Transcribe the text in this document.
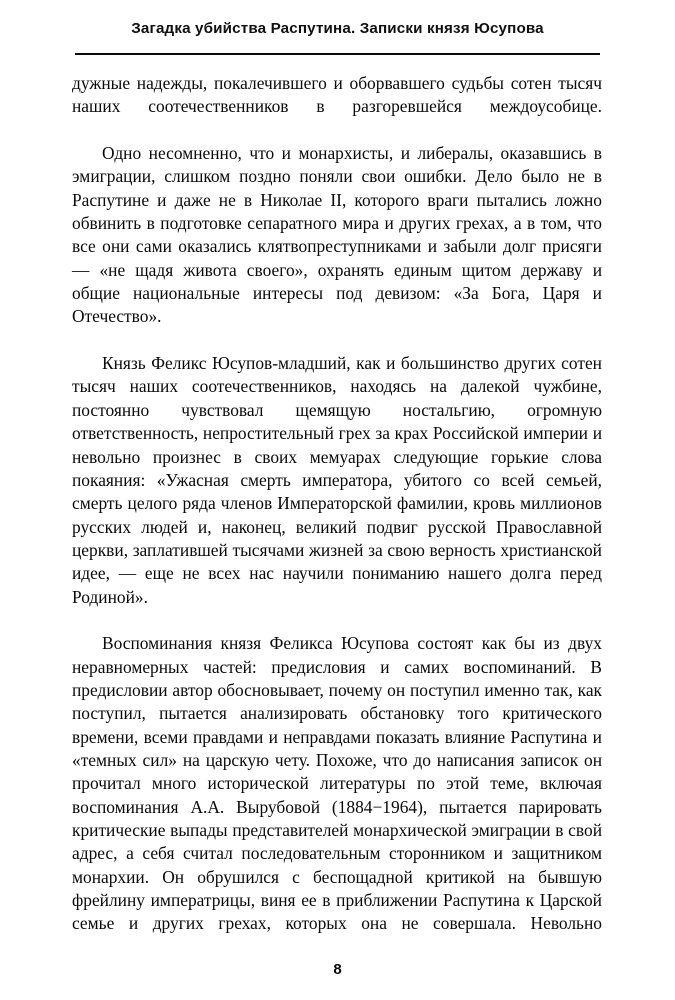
Загадка убийства Распутина. Записки князя Юсупова

дужные надежды, покалечившего и оборвавшего судьбы сотен тысяч наших соотечественников в разгоревшейся междоусобице.

Одно несомненно, что и монархисты, и либералы, оказавшись в эмиграции, слишком поздно поняли свои ошибки. Дело было не в Распутине и даже не в Николае II, которого враги пытались ложно обвинить в подготовке сепаратного мира и других грехах, а в том, что все они сами оказались клятвопреступниками и забыли долг присяги — «не щадя живота своего», охранять единым щитом державу и общие национальные интересы под девизом: «За Бога, Царя и Отечество».

Князь Феликс Юсупов-младший, как и большинство других сотен тысяч наших соотечественников, находясь на далекой чужбине, постоянно чувствовал щемящую ностальгию, огромную ответственность, непростительный грех за крах Российской империи и невольно произнес в своих мемуарах следующие горькие слова покаяния: «Ужасная смерть императора, убитого со всей семьей, смерть целого ряда членов Императорской фамилии, кровь миллионов русских людей и, наконец, великий подвиг русской Православной церкви, заплатившей тысячами жизней за свою верность христианской идее, — еще не всех нас научили пониманию нашего долга перед Родиной».

Воспоминания князя Феликса Юсупова состоят как бы из двух неравномерных частей: предисловия и самих воспоминаний. В предисловии автор обосновывает, почему он поступил именно так, как поступил, пытается анализировать обстановку того критического времени, всеми правдами и неправдами показать влияние Распутина и «темных сил» на царскую чету. Похоже, что до написания записок он прочитал много исторической литературы по этой теме, включая воспоминания А.А. Вырубовой (1884−1964), пытается парировать критические выпады представителей монархической эмиграции в свой адрес, а себя считал последовательным сторонником и защитником монархии. Он обрушился с беспощадной критикой на бывшую фрейлину императрицы, виня ее в приближении Распутина к Царской семье и других грехах, которых она не совершала. Невольно

8
